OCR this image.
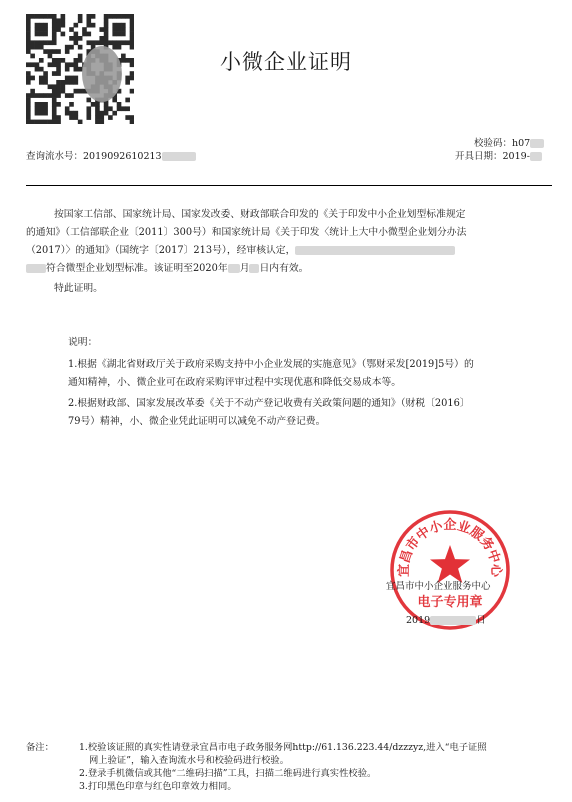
小微企业证明
校验码：h07
查询流水号：2019092610213	开具日期：2019-
按国家工信部、国家统计局、国家发改委、财政部联合印发的《关于印发中小企业划型标准规定
的通知》（工信部联企业〔2011〕300号）和国家统计局《关于印发〈统计上大中小微型企业划分办法
（2017）〉的通知》（国统字〔2017〕213号），经审核认定，
符合微型企业划型标准。该证明至2020年 月 日内有效。
特此证明。
说明：
1.根据《湖北省财政厅关于政府采购支持中小企业发展的实施意见》（鄂财采发[2019]5号）的
通知精神，小、微企业可在政府采购评审过程中实现优惠和降低交易成本等。
2.根据财政部、国家发展改革委《关于不动产登记收费有关政策问题的通知》（财税〔2016〕
79号）精神，小、微企业凭此证明可以减免不动产登记费。
宜昌市中小企业服务中心
电子专用章
宜昌市中小企业服务中心
2019	日
备注：	1.校验该证照的真实性请登录宜昌市电子政务服务网http://61.136.223.44/dzzzyz,进入“电子证照
网上验证”，输入查询流水号和校验码进行校验。
2.登录手机微信或其他“二维码扫描”工具，扫描二维码进行真实性校验。
3.打印黑色印章与红色印章效力相同。
